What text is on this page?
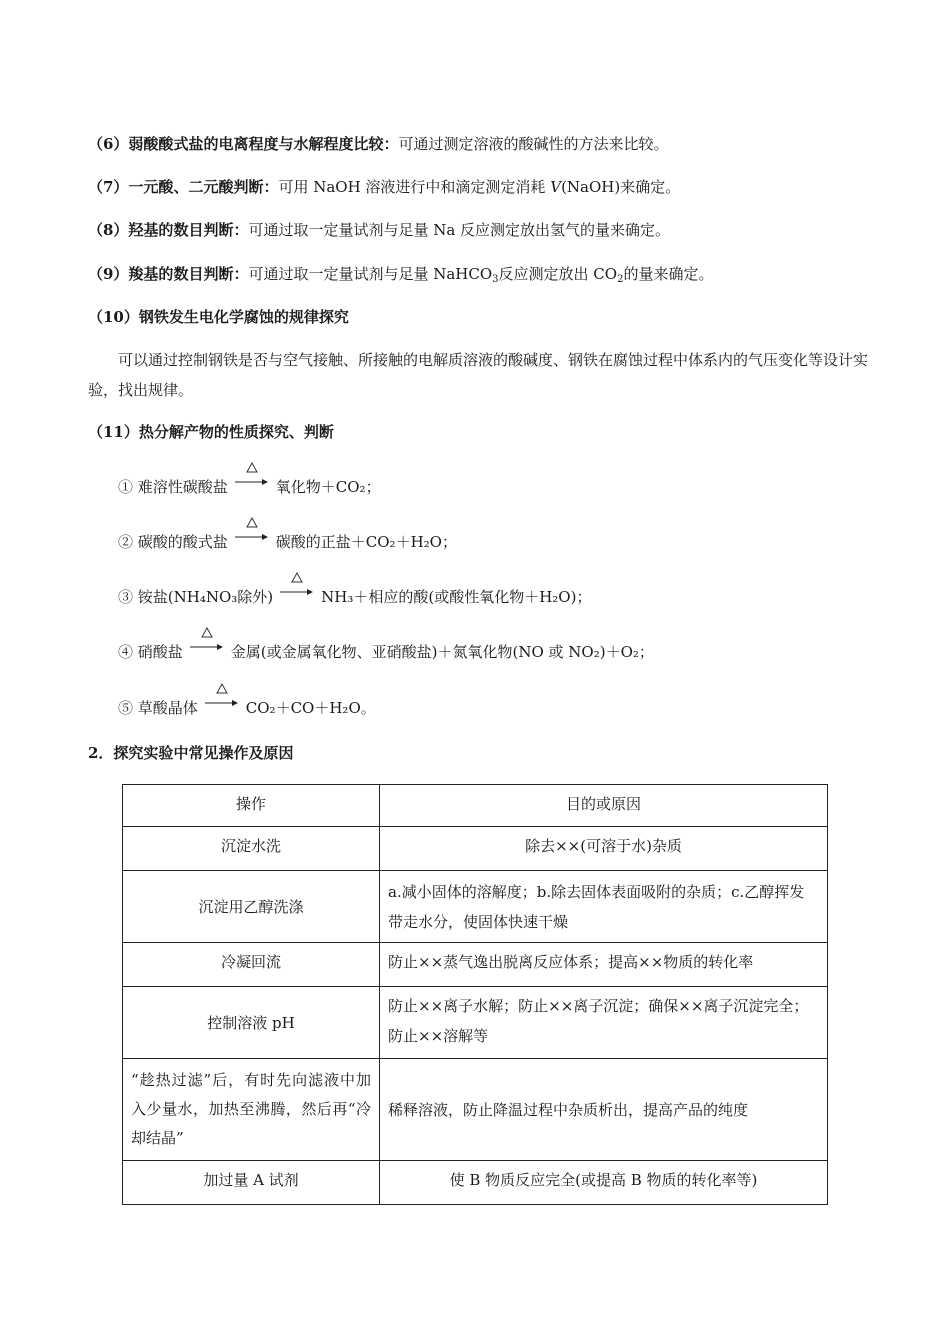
（6）弱酸酸式盐的电离程度与水解程度比较：可通过测定溶液的酸碱性的方法来比较。
（7）一元酸、二元酸判断：可用 NaOH 溶液进行中和滴定测定消耗 V(NaOH)来确定。
（8）羟基的数目判断：可通过取一定量试剂与足量 Na 反应测定放出氢气的量来确定。
（9）羧基的数目判断：可通过取一定量试剂与足量 NaHCO$_3$反应测定放出 $CO_2$的量来确定。
（10）钢铁发生电化学腐蚀的规律探究
可以通过控制钢铁是否与空气接触、所接触的电解质溶液的酸碱度、钢铁在腐蚀过程中体系内的气压变化等设计实验，找出规律。
（11）热分解产物的性质探究、判断
① 难溶性碳酸盐	氧化物＋CO₂；
② 碳酸的酸式盐	碳酸的正盐＋CO₂＋H₂O；
③ 铵盐(NH₄NO₃除外)	NH₃＋相应的酸(或酸性氧化物＋H₂O)；
④ 硝酸盐	金属(或金属氧化物、亚硝酸盐)＋氮氧化物(NO 或 NO₂)＋O₂；
⑤ 草酸晶体	CO₂＋CO＋H₂O。
2．探究实验中常见操作及原因
操作	目的或原因
沉淀水洗	除去××(可溶于水)杂质
沉淀用乙醇洗涤	a.减小固体的溶解度；b.除去固体表面吸附的杂质；c.乙醇挥发带走水分，使固体快速干燥
冷凝回流	防止××蒸气逸出脱离反应体系；提高××物质的转化率
控制溶液 pH	防止××离子水解；防止××离子沉淀；确保××离子沉淀完全；防止××溶解等
“趁热过滤”后，有时先向滤液中加入少量水，加热至沸腾，然后再“冷却结晶”	稀释溶液，防止降温过程中杂质析出，提高产品的纯度
加过量 A 试剂	使 B 物质反应完全(或提高 B 物质的转化率等)
